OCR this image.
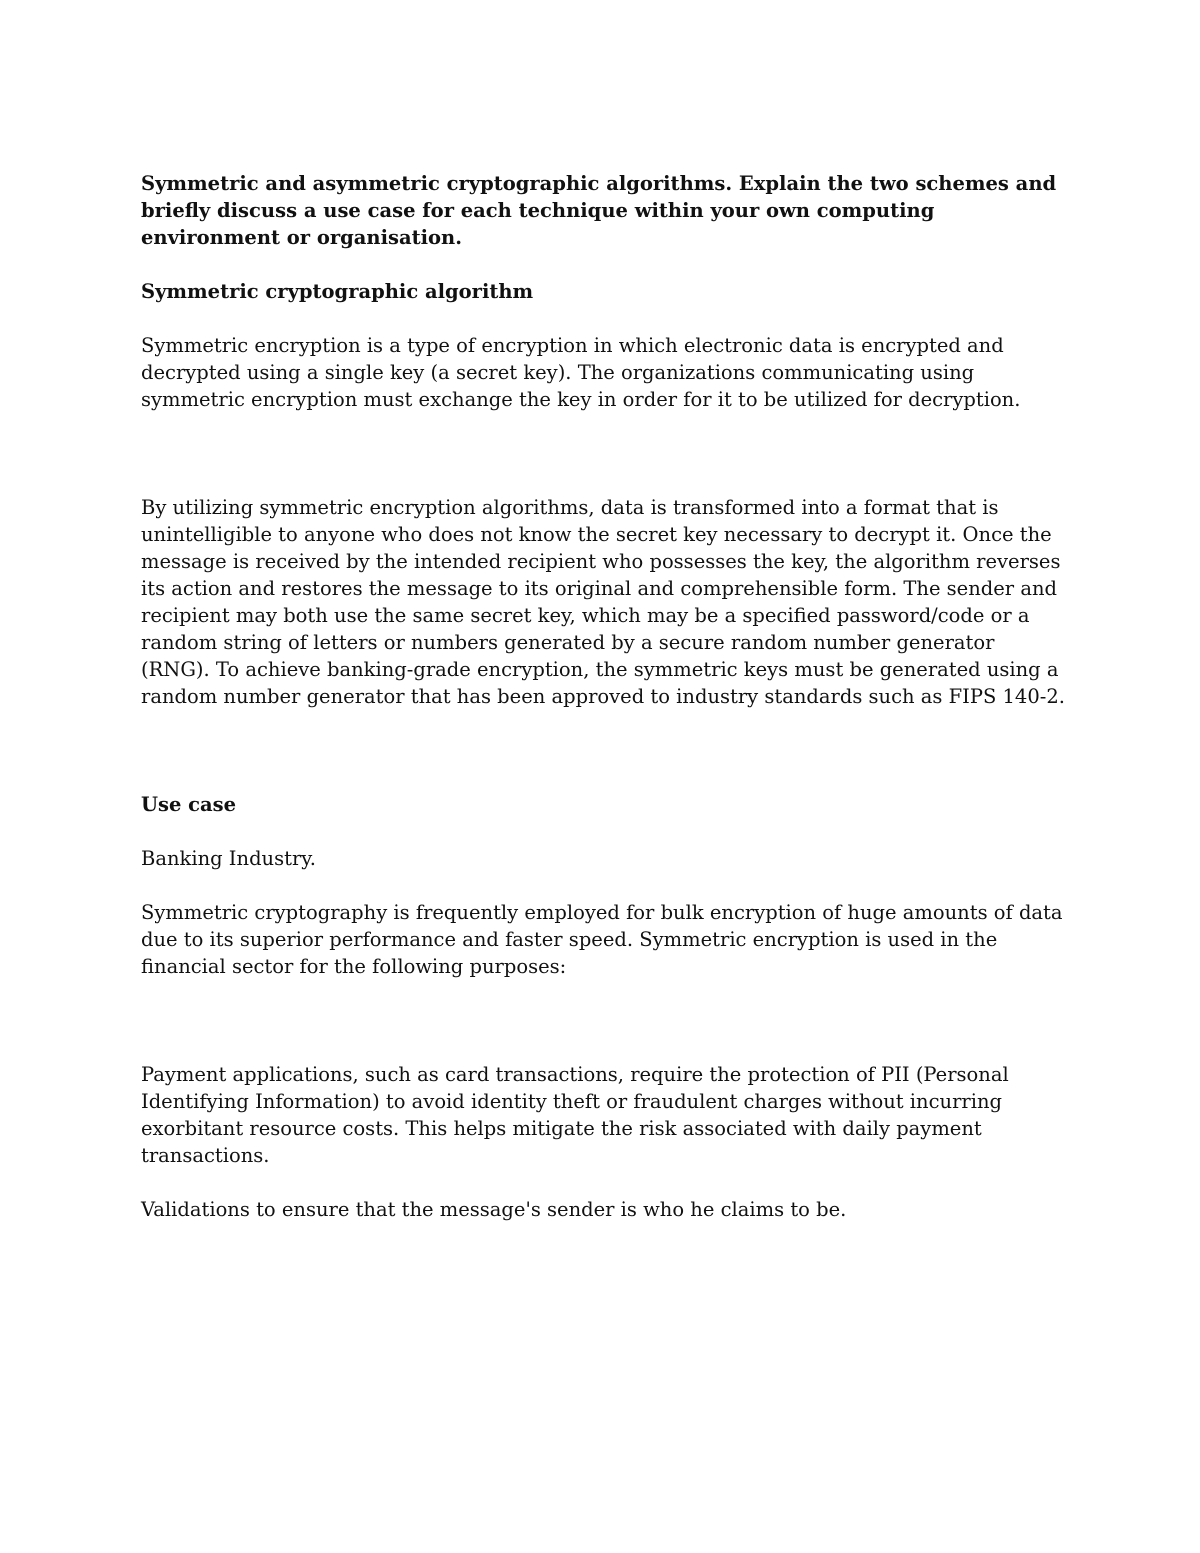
Symmetric and asymmetric cryptographic algorithms. Explain the two schemes and briefly discuss a use case for each technique within your own computing environment or organisation.

Symmetric cryptographic algorithm

Symmetric encryption is a type of encryption in which electronic data is encrypted and decrypted using a single key (a secret key). The organizations communicating using symmetric encryption must exchange the key in order for it to be utilized for decryption.

By utilizing symmetric encryption algorithms, data is transformed into a format that is unintelligible to anyone who does not know the secret key necessary to decrypt it. Once the message is received by the intended recipient who possesses the key, the algorithm reverses its action and restores the message to its original and comprehensible form. The sender and recipient may both use the same secret key, which may be a specified password/code or a random string of letters or numbers generated by a secure random number generator (RNG). To achieve banking-grade encryption, the symmetric keys must be generated using a random number generator that has been approved to industry standards such as FIPS 140-2.

Use case

Banking Industry.

Symmetric cryptography is frequently employed for bulk encryption of huge amounts of data due to its superior performance and faster speed. Symmetric encryption is used in the financial sector for the following purposes:

Payment applications, such as card transactions, require the protection of PII (Personal Identifying Information) to avoid identity theft or fraudulent charges without incurring exorbitant resource costs. This helps mitigate the risk associated with daily payment transactions.

Validations to ensure that the message's sender is who he claims to be.
